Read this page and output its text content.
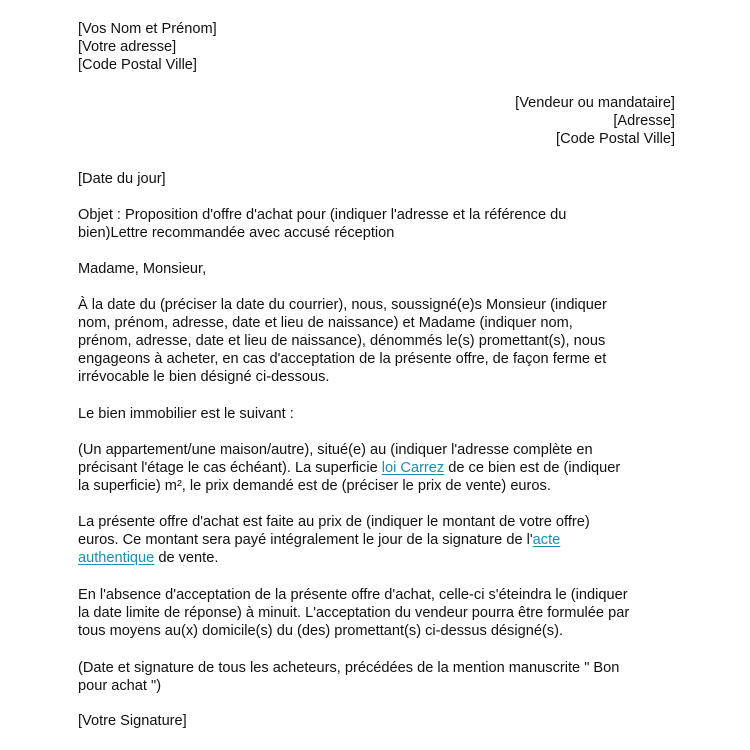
[Vos Nom et Prénom]
[Votre adresse]
[Code Postal Ville]
[Vendeur ou mandataire]
[Adresse]
[Code Postal Ville]
[Date du jour]
Objet : Proposition d'offre d'achat pour (indiquer l'adresse et la référence du
bien)Lettre recommandée avec accusé réception
Madame, Monsieur,
À la date du (préciser la date du courrier), nous, soussigné(e)s Monsieur (indiquer
nom, prénom, adresse, date et lieu de naissance) et Madame (indiquer nom,
prénom, adresse, date et lieu de naissance), dénommés le(s) promettant(s), nous
engageons à acheter, en cas d'acceptation de la présente offre, de façon ferme et
irrévocable le bien désigné ci-dessous.
Le bien immobilier est le suivant :
(Un appartement/une maison/autre), situé(e) au (indiquer l'adresse complète en
précisant l'étage le cas échéant). La superficie loi Carrez de ce bien est de (indiquer
la superficie) m², le prix demandé est de (préciser le prix de vente) euros.
La présente offre d'achat est faite au prix de (indiquer le montant de votre offre)
euros. Ce montant sera payé intégralement le jour de la signature de l'acte
authentique de vente.
En l'absence d'acceptation de la présente offre d'achat, celle-ci s'éteindra le (indiquer
la date limite de réponse) à minuit. L'acceptation du vendeur pourra être formulée par
tous moyens au(x) domicile(s) du (des) promettant(s) ci-dessus désigné(s).
(Date et signature de tous les acheteurs, précédées de la mention manuscrite " Bon
pour achat ")
[Votre Signature]
